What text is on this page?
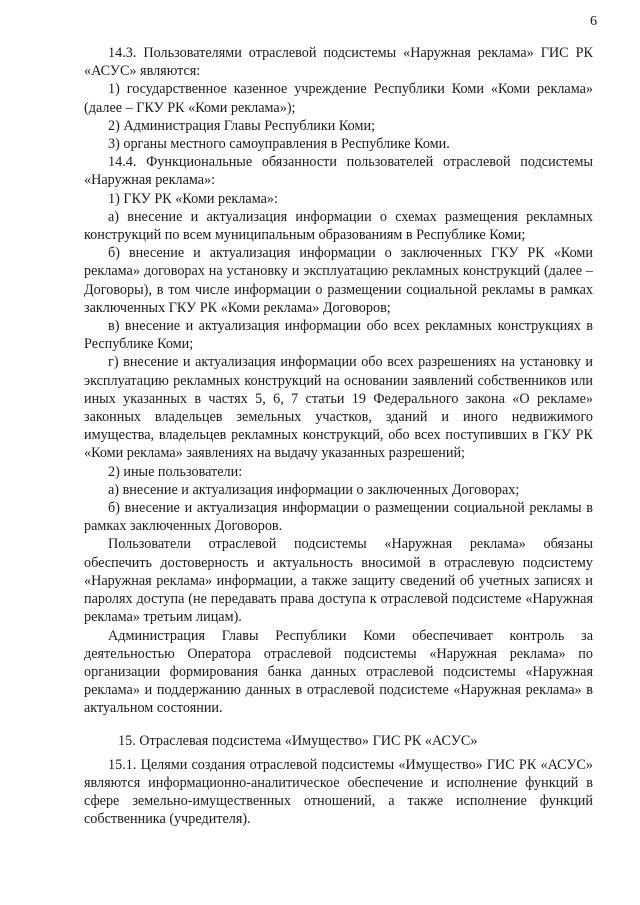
6

14.3. Пользователями отраслевой подсистемы «Наружная реклама» ГИС РК «АСУС» являются:

1) государственное казенное учреждение Республики Коми «Коми реклама» (далее – ГКУ РК «Коми реклама»);

2) Администрация Главы Республики Коми;

3) органы местного самоуправления в Республике Коми.

14.4. Функциональные обязанности пользователей отраслевой подсистемы «Наружная реклама»:

1) ГКУ РК «Коми реклама»:

а) внесение и актуализация информации о схемах размещения рекламных конструкций по всем муниципальным образованиям в Республике Коми;

б) внесение и актуализация информации о заключенных ГКУ РК «Коми реклама» договорах на установку и эксплуатацию рекламных конструкций (далее – Договоры), в том числе информации о размещении социальной рекламы в рамках заключенных ГКУ РК «Коми реклама» Договоров;

в) внесение и актуализация информации обо всех рекламных конструкциях в Республике Коми;

г) внесение и актуализация информации обо всех разрешениях на установку и эксплуатацию рекламных конструкций на основании заявлений собственников или иных указанных в частях 5, 6, 7 статьи 19 Федерального закона «О рекламе» законных владельцев земельных участков, зданий и иного недвижимого имущества, владельцев рекламных конструкций, обо всех поступивших в ГКУ РК «Коми реклама» заявлениях на выдачу указанных разрешений;

2) иные пользователи:

а) внесение и актуализация информации о заключенных Договорах;

б) внесение и актуализация информации о размещении социальной рекламы в рамках заключенных Договоров.

Пользователи отраслевой подсистемы «Наружная реклама» обязаны обеспечить достоверность и актуальность вносимой в отраслевую подсистему «Наружная реклама» информации, а также защиту сведений об учетных записях и паролях доступа (не передавать права доступа к отраслевой подсистеме «Наружная реклама» третьим лицам).

Администрация Главы Республики Коми обеспечивает контроль за деятельностью Оператора отраслевой подсистемы «Наружная реклама» по организации формирования банка данных отраслевой подсистемы «Наружная реклама» и поддержанию данных в отраслевой подсистеме «Наружная реклама» в актуальном состоянии.

15. Отраслевая подсистема «Имущество» ГИС РК «АСУС»

15.1. Целями создания отраслевой подсистемы «Имущество» ГИС РК «АСУС» являются информационно-аналитическое обеспечение и исполнение функций в сфере земельно-имущественных отношений, а также исполнение функций собственника (учредителя).
